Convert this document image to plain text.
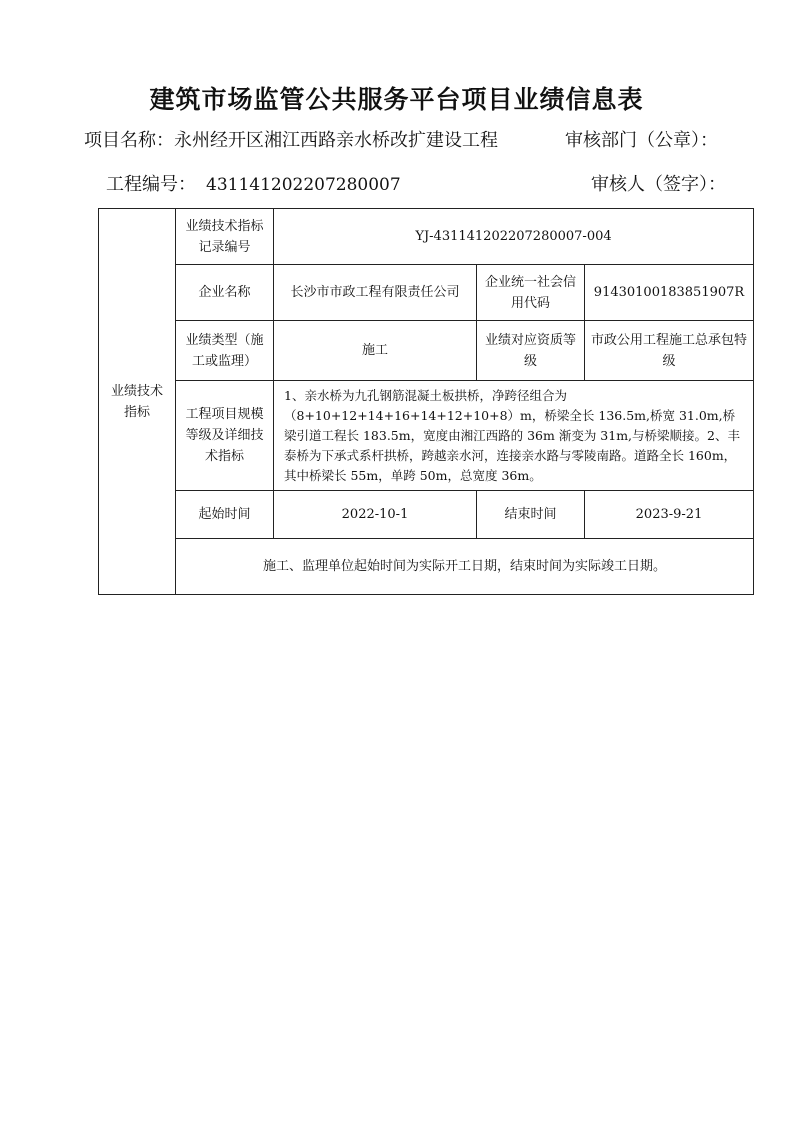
建筑市场监管公共服务平台项目业绩信息表
项目名称：永州经开区湘江西路亲水桥改扩建设工程	审核部门（公章）：
工程编号： 431141202207280007	审核人（签字）：
业绩技术指标	业绩技术指标记录编号	YJ-431141202207280007-004		
	企业名称	长沙市市政工程有限责任公司	企业统一社会信用代码	91430100183851907R
	业绩类型（施工或监理）	施工	业绩对应资质等级	市政公用工程施工总承包特级
	工程项目规模等级及详细技术指标	1、亲水桥为九孔钢筋混凝土板拱桥，净跨径组合为（8+10+12+14+16+14+12+10+8）m，桥梁全长 136.5m,桥宽 31.0m,桥梁引道工程长 183.5m，宽度由湘江西路的 36m 渐变为 31m,与桥梁顺接。2、丰泰桥为下承式系杆拱桥，跨越亲水河，连接亲水路与零陵南路。道路全长 160m，其中桥梁长 55m，单跨 50m，总宽度 36m。		
	起始时间	2022-10-1	结束时间	2023-9-21
	施工、监理单位起始时间为实际开工日期，结束时间为实际竣工日期。			
